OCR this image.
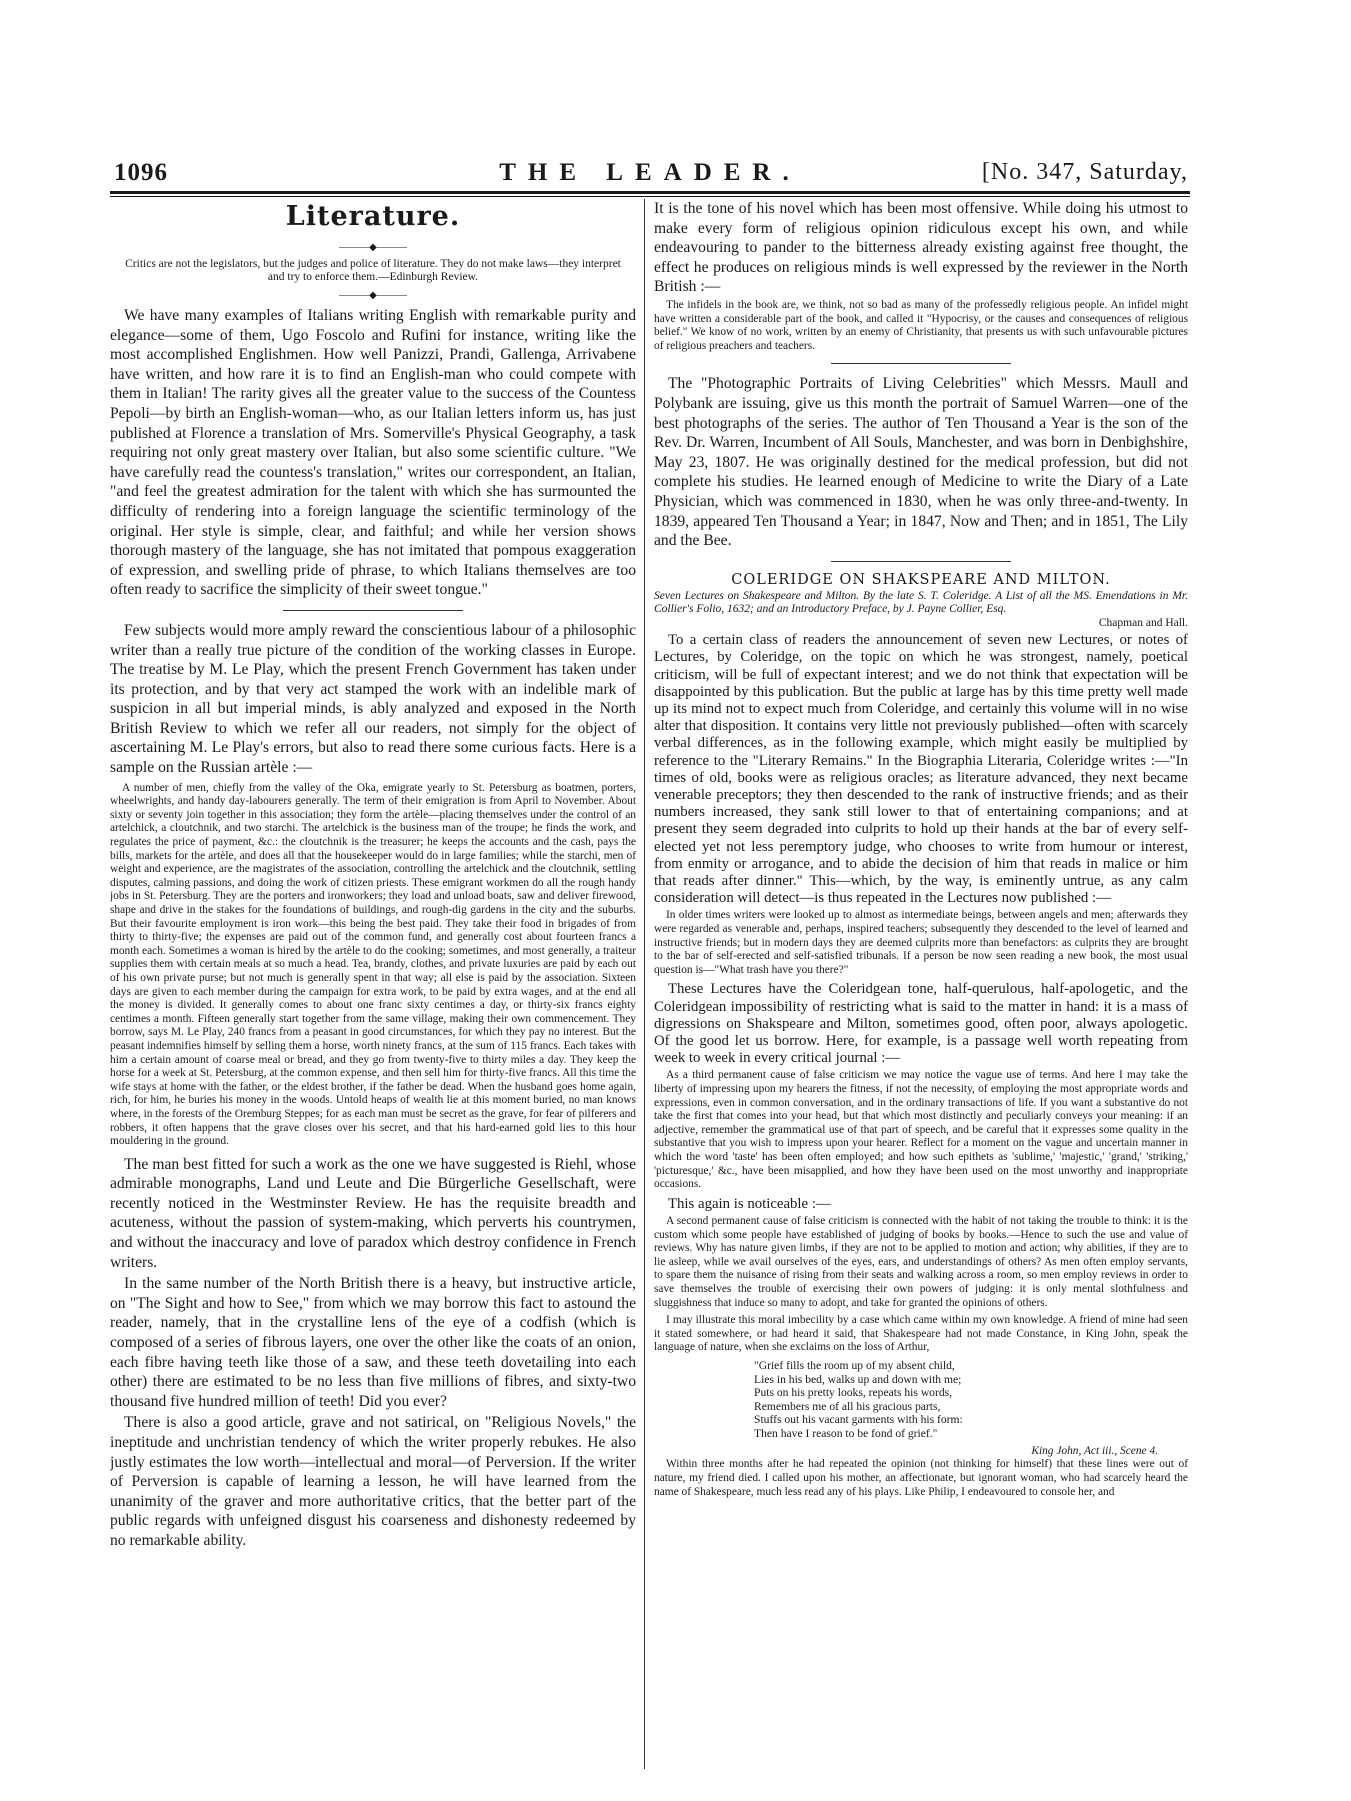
1096	THE LEADER.	[No. 347, Saturday,
Literature.
———◆———

Critics are not the legislators, but the judges and police of literature. They do not make laws—they interpret and try to enforce them.—Edinburgh Review.

———◆———

We have many examples of Italians writing English with remarkable purity and elegance—some of them, Ugo Foscolo and Rufini for instance, writing like the most accomplished Englishmen. How well Panizzi, Prandi, Gallenga, Arrivabene have written, and how rare it is to find an English-man who could compete with them in Italian! The rarity gives all the greater value to the success of the Countess Pepoli—by birth an English-woman—who, as our Italian letters inform us, has just published at Florence a translation of Mrs. Somerville's Physical Geography, a task requiring not only great mastery over Italian, but also some scientific culture. "We have carefully read the countess's translation," writes our correspondent, an Italian, "and feel the greatest admiration for the talent with which she has surmounted the difficulty of rendering into a foreign language the scientific terminology of the original. Her style is simple, clear, and faithful; and while her version shows thorough mastery of the language, she has not imitated that pompous exaggeration of expression, and swelling pride of phrase, to which Italians themselves are too often ready to sacrifice the simplicity of their sweet tongue."

Few subjects would more amply reward the conscientious labour of a philosophic writer than a really true picture of the condition of the working classes in Europe. The treatise by M. Le Play, which the present French Government has taken under its protection, and by that very act stamped the work with an indelible mark of suspicion in all but imperial minds, is ably analyzed and exposed in the North British Review to which we refer all our readers, not simply for the object of ascertaining M. Le Play's errors, but also to read there some curious facts. Here is a sample on the Russian artèle :—

A number of men, chiefly from the valley of the Oka, emigrate yearly to St. Petersburg as boatmen, porters, wheelwrights, and handy day-labourers generally. The term of their emigration is from April to November. About sixty or seventy join together in this association; they form the artèle—placing themselves under the control of an artelchick, a cloutchnik, and two starchi. The artelchick is the business man of the troupe; he finds the work, and regulates the price of payment, &c.: the cloutchnik is the treasurer; he keeps the accounts and the cash, pays the bills, markets for the artèle, and does all that the housekeeper would do in large families; while the starchi, men of weight and experience, are the magistrates of the association, controlling the artelchick and the cloutchnik, settling disputes, calming passions, and doing the work of citizen priests. These emigrant workmen do all the rough handy jobs in St. Petersburg. They are the porters and ironworkers; they load and unload boats, saw and deliver firewood, shape and drive in the stakes for the foundations of buildings, and rough-dig gardens in the city and the suburbs. But their favourite employment is iron work—this being the best paid. They take their food in brigades of from thirty to thirty-five; the expenses are paid out of the common fund, and generally cost about fourteen francs a month each. Sometimes a woman is hired by the artèle to do the cooking; sometimes, and most generally, a traiteur supplies them with certain meals at so much a head. Tea, brandy, clothes, and private luxuries are paid by each out of his own private purse; but not much is generally spent in that way; all else is paid by the association. Sixteen days are given to each member during the campaign for extra work, to be paid by extra wages, and at the end all the money is divided. It generally comes to about one franc sixty centimes a day, or thirty-six francs eighty centimes a month. Fifteen generally start together from the same village, making their own commencement. They borrow, says M. Le Play, 240 francs from a peasant in good circumstances, for which they pay no interest. But the peasant indemnifies himself by selling them a horse, worth ninety francs, at the sum of 115 francs. Each takes with him a certain amount of coarse meal or bread, and they go from twenty-five to thirty miles a day. They keep the horse for a week at St. Petersburg, at the common expense, and then sell him for thirty-five francs. All this time the wife stays at home with the father, or the eldest brother, if the father be dead. When the husband goes home again, rich, for him, he buries his money in the woods. Untold heaps of wealth lie at this moment buried, no man knows where, in the forests of the Oremburg Steppes; for as each man must be secret as the grave, for fear of pilferers and robbers, it often happens that the grave closes over his secret, and that his hard-earned gold lies to this hour mouldering in the ground.

The man best fitted for such a work as the one we have suggested is Riehl, whose admirable monographs, Land und Leute and Die Bürgerliche Gesellschaft, were recently noticed in the Westminster Review. He has the requisite breadth and acuteness, without the passion of system-making, which perverts his countrymen, and without the inaccuracy and love of paradox which destroy confidence in French writers.

In the same number of the North British there is a heavy, but instructive article, on "The Sight and how to See," from which we may borrow this fact to astound the reader, namely, that in the crystalline lens of the eye of a codfish (which is composed of a series of fibrous layers, one over the other like the coats of an onion, each fibre having teeth like those of a saw, and these teeth dovetailing into each other) there are estimated to be no less than five millions of fibres, and sixty-two thousand five hundred million of teeth! Did you ever?

There is also a good article, grave and not satirical, on "Religious Novels," the ineptitude and unchristian tendency of which the writer properly rebukes. He also justly estimates the low worth—intellectual and moral—of Perversion. If the writer of Perversion is capable of learning a lesson, he will have learned from the unanimity of the graver and more authoritative critics, that the better part of the public regards with unfeigned disgust his coarseness and dishonesty redeemed by no remarkable ability.

It is the tone of his novel which has been most offensive. While doing his utmost to make every form of religious opinion ridiculous except his own, and while endeavouring to pander to the bitterness already existing against free thought, the effect he produces on religious minds is well expressed by the reviewer in the North British :—

The infidels in the book are, we think, not so bad as many of the professedly religious people. An infidel might have written a considerable part of the book, and called it "Hypocrisy, or the causes and consequences of religious belief." We know of no work, written by an enemy of Christianity, that presents us with such unfavourable pictures of religious preachers and teachers.

The "Photographic Portraits of Living Celebrities" which Messrs. Maull and Polybank are issuing, give us this month the portrait of Samuel Warren—one of the best photographs of the series. The author of Ten Thousand a Year is the son of the Rev. Dr. Warren, Incumbent of All Souls, Manchester, and was born in Denbighshire, May 23, 1807. He was originally destined for the medical profession, but did not complete his studies. He learned enough of Medicine to write the Diary of a Late Physician, which was commenced in 1830, when he was only three-and-twenty. In 1839, appeared Ten Thousand a Year; in 1847, Now and Then; and in 1851, The Lily and the Bee.

COLERIDGE ON SHAKSPEARE AND MILTON.
Seven Lectures on Shakespeare and Milton. By the late S. T. Coleridge. A List of all the MS. Emendations in Mr. Collier's Folio, 1632; and an Introductory Preface, by J. Payne Collier, Esq.
Chapman and Hall.

To a certain class of readers the announcement of seven new Lectures, or notes of Lectures, by Coleridge, on the topic on which he was strongest, namely, poetical criticism, will be full of expectant interest; and we do not think that expectation will be disappointed by this publication. But the public at large has by this time pretty well made up its mind not to expect much from Coleridge, and certainly this volume will in no wise alter that disposition. It contains very little not previously published—often with scarcely verbal differences, as in the following example, which might easily be multiplied by reference to the "Literary Remains." In the Biographia Literaria, Coleridge writes :—"In times of old, books were as religious oracles; as literature advanced, they next became venerable preceptors; they then descended to the rank of instructive friends; and as their numbers increased, they sank still lower to that of entertaining companions; and at present they seem degraded into culprits to hold up their hands at the bar of every self-elected yet not less peremptory judge, who chooses to write from humour or interest, from enmity or arrogance, and to abide the decision of him that reads in malice or him that reads after dinner." This—which, by the way, is eminently untrue, as any calm consideration will detect—is thus repeated in the Lectures now published :—

In older times writers were looked up to almost as intermediate beings, between angels and men; afterwards they were regarded as venerable and, perhaps, inspired teachers; subsequently they descended to the level of learned and instructive friends; but in modern days they are deemed culprits more than benefactors: as culprits they are brought to the bar of self-erected and self-satisfied tribunals. If a person be now seen reading a new book, the most usual question is—"What trash have you there?"

These Lectures have the Coleridgean tone, half-querulous, half-apologetic, and the Coleridgean impossibility of restricting what is said to the matter in hand: it is a mass of digressions on Shakspeare and Milton, sometimes good, often poor, always apologetic. Of the good let us borrow. Here, for example, is a passage well worth repeating from week to week in every critical journal :—

As a third permanent cause of false criticism we may notice the vague use of terms. And here I may take the liberty of impressing upon my hearers the fitness, if not the necessity, of employing the most appropriate words and expressions, even in common conversation, and in the ordinary transactions of life. If you want a substantive do not take the first that comes into your head, but that which most distinctly and peculiarly conveys your meaning: if an adjective, remember the grammatical use of that part of speech, and be careful that it expresses some quality in the substantive that you wish to impress upon your hearer. Reflect for a moment on the vague and uncertain manner in which the word 'taste' has been often employed; and how such epithets as 'sublime,' 'majestic,' 'grand,' 'striking,' 'picturesque,' &c., have been misapplied, and how they have been used on the most unworthy and inappropriate occasions.

This again is noticeable :—

A second permanent cause of false criticism is connected with the habit of not taking the trouble to think: it is the custom which some people have established of judging of books by books.—Hence to such the use and value of reviews. Why has nature given limbs, if they are not to be applied to motion and action; why abilities, if they are to lie asleep, while we avail ourselves of the eyes, ears, and understandings of others? As men often employ servants, to spare them the nuisance of rising from their seats and walking across a room, so men employ reviews in order to save themselves the trouble of exercising their own powers of judging: it is only mental slothfulness and sluggishness that induce so many to adopt, and take for granted the opinions of others.

I may illustrate this moral imbecility by a case which came within my own knowledge. A friend of mine had seen it stated somewhere, or had heard it said, that Shakespeare had not made Constance, in King John, speak the language of nature, when she exclaims on the loss of Arthur,

"Grief fills the room up of my absent child,
Lies in his bed, walks up and down with me;
Puts on his pretty looks, repeats his words,
Remembers me of all his gracious parts,
Stuffs out his vacant garments with his form:
Then have I reason to be fond of grief."
King John, Act iii., Scene 4.

Within three months after he had repeated the opinion (not thinking for himself) that these lines were out of nature, my friend died. I called upon his mother, an affectionate, but ignorant woman, who had scarcely heard the name of Shakespeare, much less read any of his plays. Like Philip, I endeavoured to console her, and
